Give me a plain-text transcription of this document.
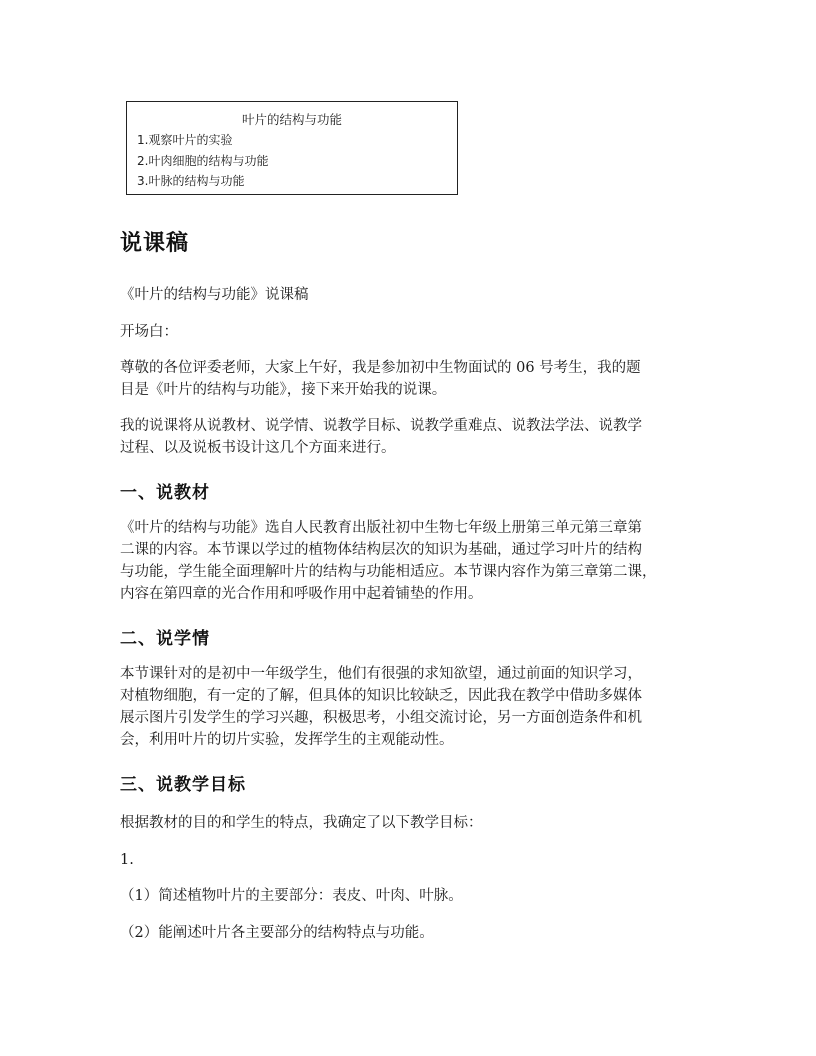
叶片的结构与功能
1.观察叶片的实验
2.叶肉细胞的结构与功能
3.叶脉的结构与功能
说课稿
《叶片的结构与功能》说课稿
开场白：
尊敬的各位评委老师，大家上午好，我是参加初中生物面试的 06 号考生，我的题
目是《叶片的结构与功能》，接下来开始我的说课。
我的说课将从说教材、说学情、说教学目标、说教学重难点、说教法学法、说教学
过程、以及说板书设计这几个方面来进行。
一、说教材
《叶片的结构与功能》选自人民教育出版社初中生物七年级上册第三单元第三章第
二课的内容。本节课以学过的植物体结构层次的知识为基础，通过学习叶片的结构
与功能，学生能全面理解叶片的结构与功能相适应。本节课内容作为第三章第二课，
内容在第四章的光合作用和呼吸作用中起着铺垫的作用。
二、说学情
本节课针对的是初中一年级学生，他们有很强的求知欲望，通过前面的知识学习，
对植物细胞，有一定的了解，但具体的知识比较缺乏，因此我在教学中借助多媒体
展示图片引发学生的学习兴趣，积极思考，小组交流讨论，另一方面创造条件和机
会，利用叶片的切片实验，发挥学生的主观能动性。
三、说教学目标
根据教材的目的和学生的特点，我确定了以下教学目标：
1.
（1）简述植物叶片的主要部分：表皮、叶肉、叶脉。
（2）能阐述叶片各主要部分的结构特点与功能。
